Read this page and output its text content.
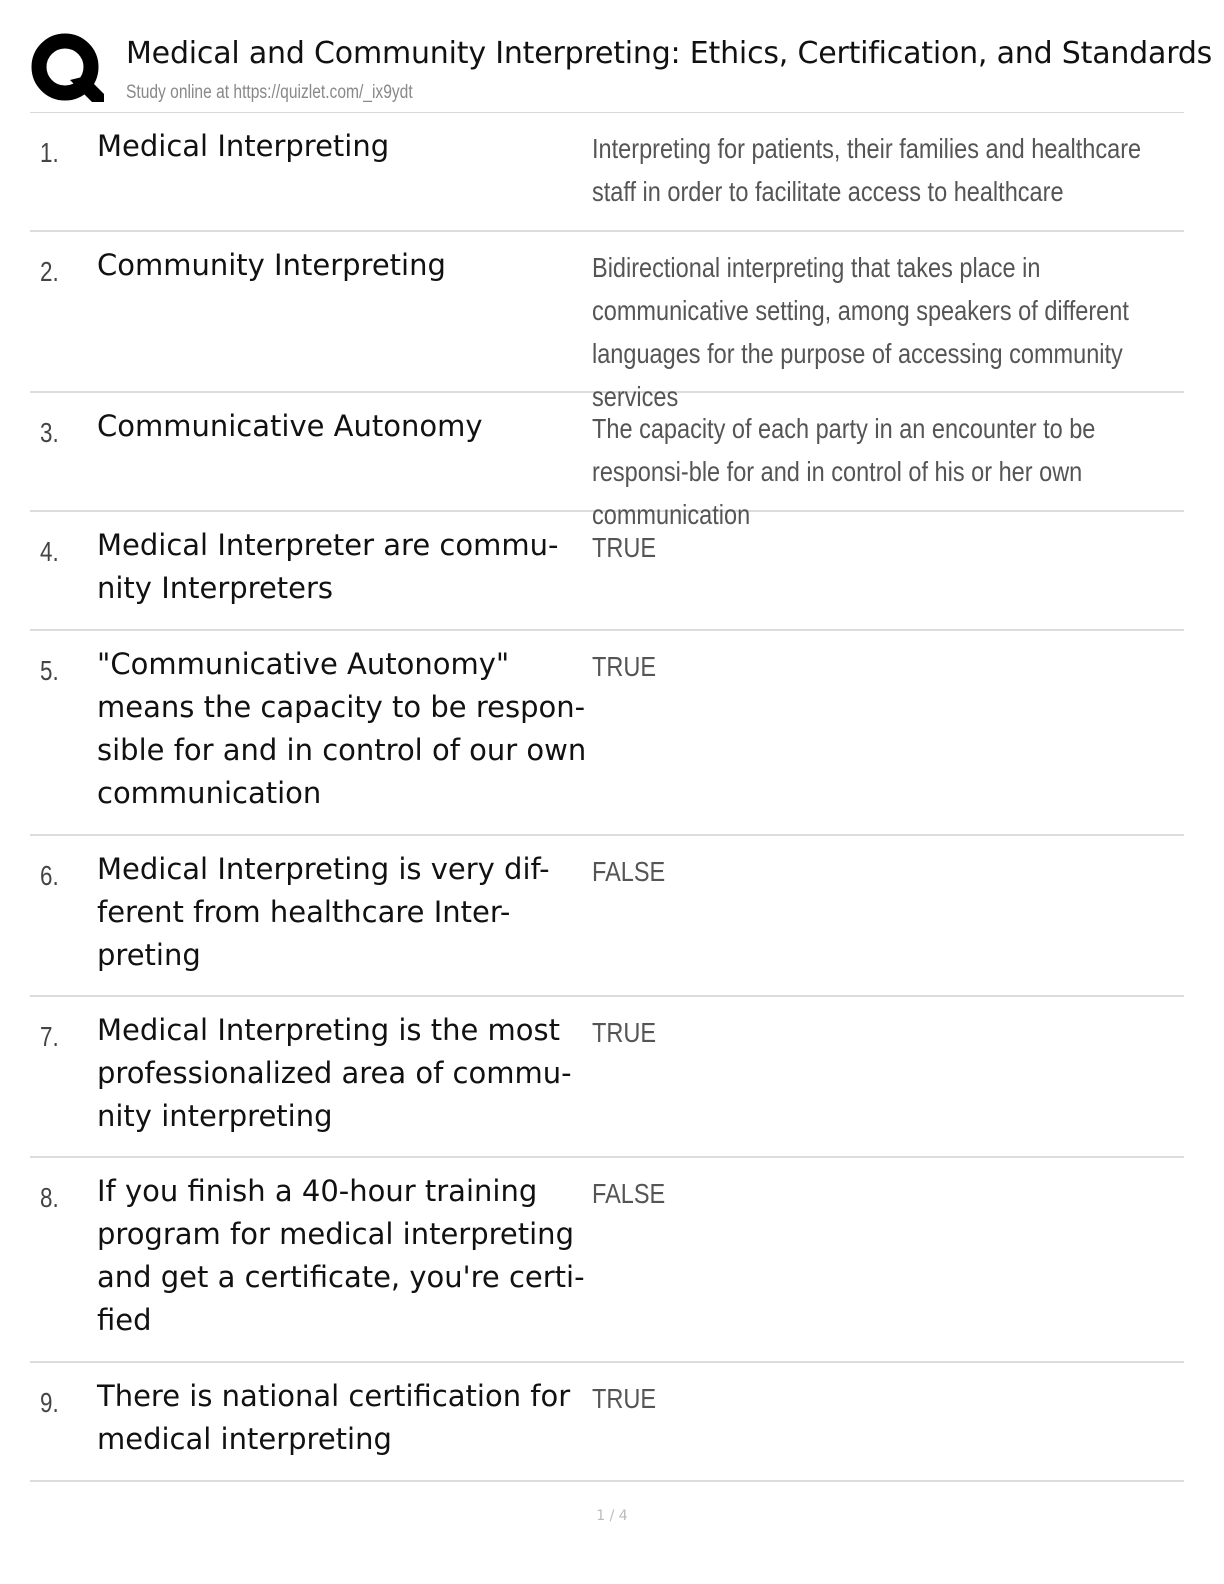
Medical and Community Interpreting: Ethics, Certification, and Standards
Study online at https://quizlet.com/_ix9ydt
1. Medical Interpreting	Interpreting for patients, their families and healthcare staff in order to facilitate access to healthcare
2. Community Interpreting	Bidirectional interpreting that takes place in communicative setting, among speakers of different languages for the purpose of accessing community services
3. Communicative Autonomy	The capacity of each party in an encounter to be responsi-ble for and in control of his or her own communication
4. Medical Interpreter are commu-nity Interpreters
TRUE
5. "Communicative Autonomy" means the capacity to be respon-sible for and in control of our own communication
TRUE
6. Medical Interpreting is very dif-ferent from healthcare Inter-preting
FALSE
7. Medical Interpreting is the most professionalized area of commu-nity interpreting
TRUE
8. If you finish a 40-hour training program for medical interpreting and get a certificate, you're certi-fied
FALSE
9. There is national certification for medical interpreting
TRUE
1 / 4
